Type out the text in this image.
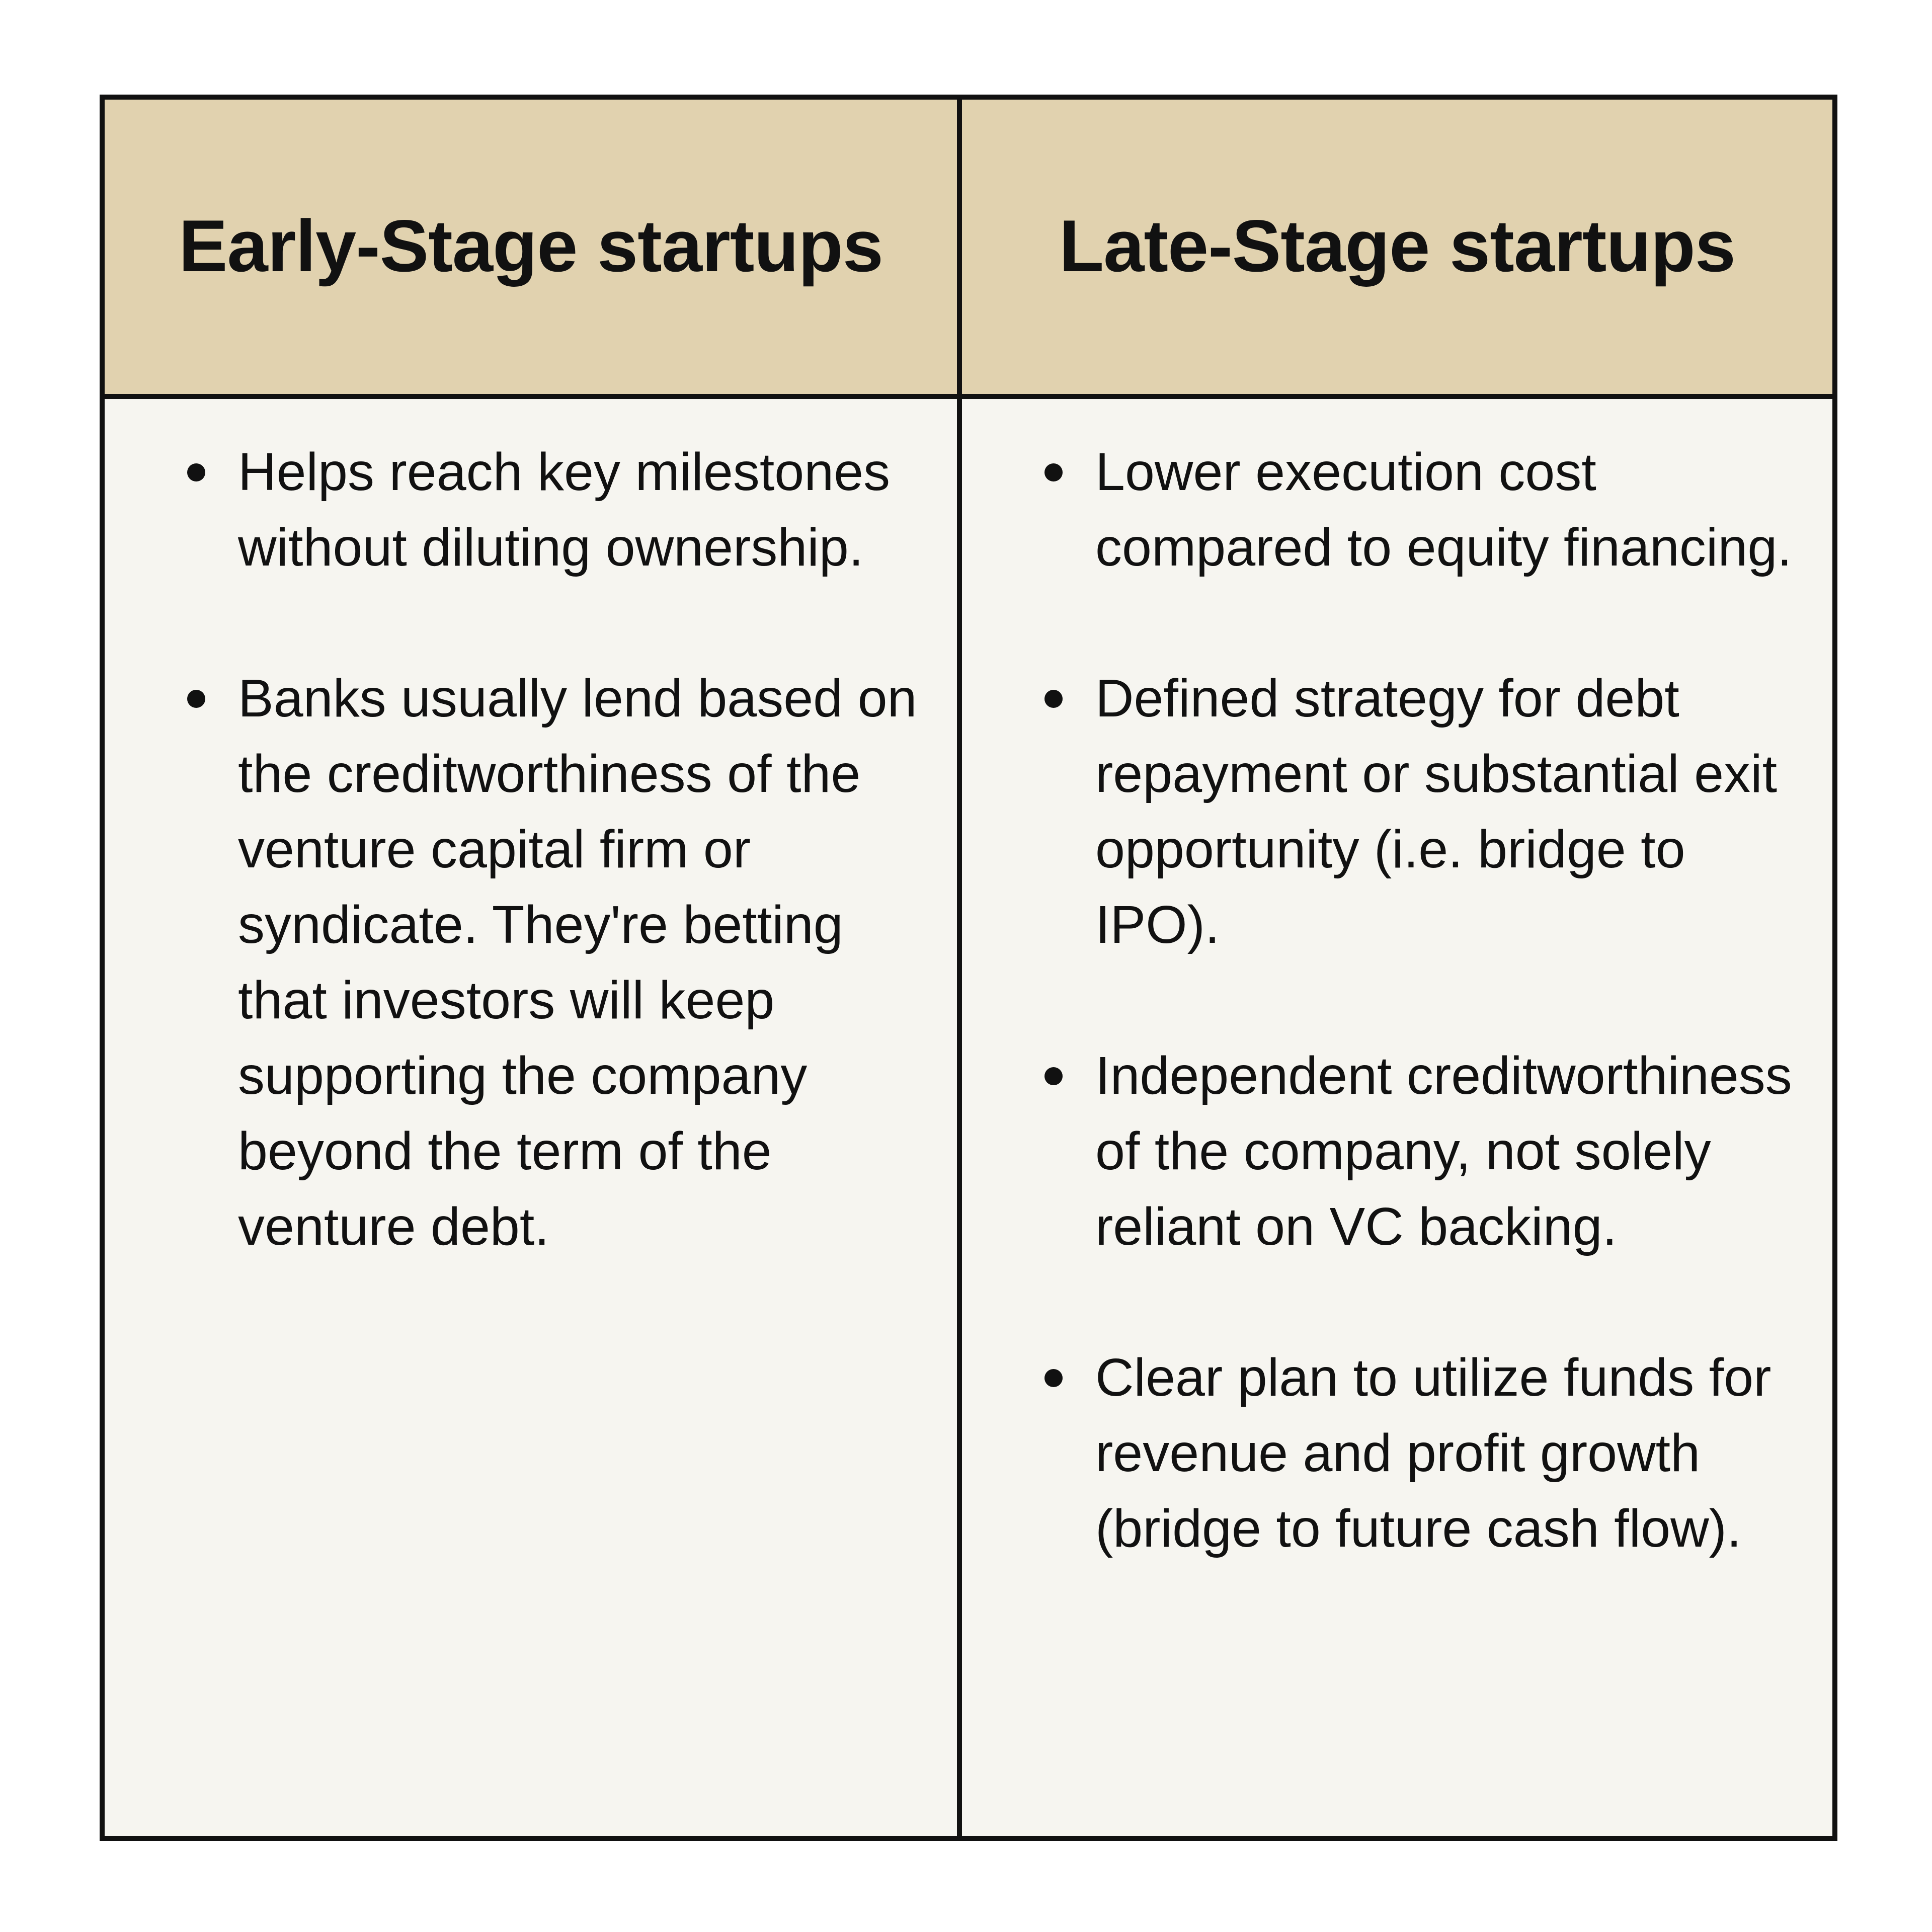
Early-Stage startups	Late-Stage startups
Helps reach key milestones without diluting ownership.
Banks usually lend based on the creditworthiness of the venture capital firm or syndicate. They're betting that investors will keep supporting the company beyond the term of the venture debt.
Lower execution cost compared to equity financing.
Defined strategy for debt repayment or substantial exit opportunity (i.e. bridge to IPO).
Independent creditworthiness of the company, not solely reliant on VC backing.
Clear plan to utilize funds for revenue and profit growth (bridge to future cash flow).
